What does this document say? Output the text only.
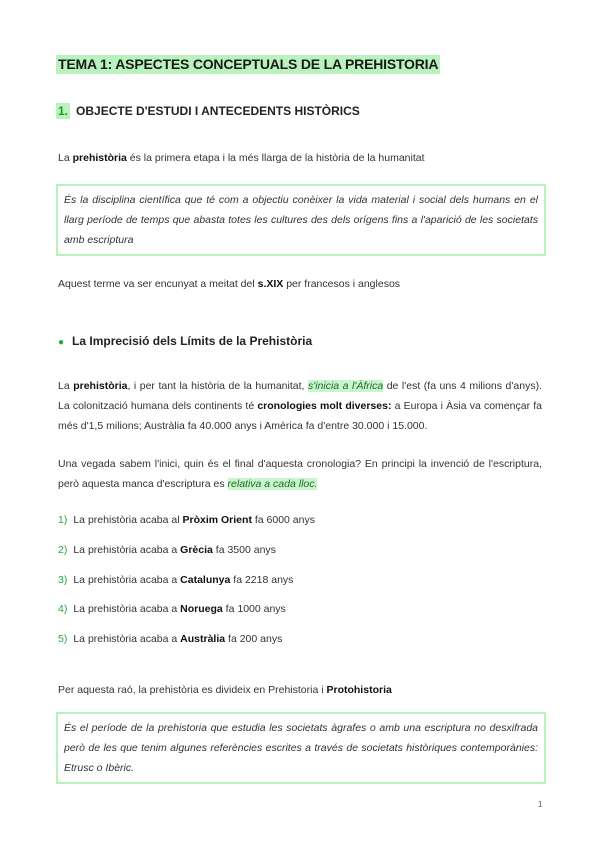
TEMA 1: ASPECTES CONCEPTUALS DE LA PREHISTORIA
1. OBJECTE D'ESTUDI I ANTECEDENTS HISTÒRICS
La prehistòria és la primera etapa i la més llarga de la història de la humanitat
És la disciplina científica que té com a objectiu conèixer la vida material i social dels humans en el llarg període de temps que abasta totes les cultures des dels orígens fins a l'aparició de les societats amb escriptura
Aquest terme va ser encunyat a meitat del s.XIX per francesos i anglesos
● La Imprecisió dels Límits de la Prehistòria
La prehistòria, i per tant la història de la humanitat, s'inicia a l'Àfrica de l'est (fa uns 4 milions d'anys). La colonització humana dels continents té cronologies molt diverses: a Europa i Àsia va començar fa més d'1,5 milions; Austràlia fa 40.000 anys i Amèrica fa d'entre 30.000 i 15.000.
Una vegada sabem l'inici, quin és el final d'aquesta cronologia? En principi la invenció de l'escriptura, però aquesta manca d'escriptura es relativa a cada lloc.
1) La prehistòria acaba al Pròxim Orient fa 6000 anys
2) La prehistòria acaba a Grècia fa 3500 anys
3) La prehistòria acaba a Catalunya fa 2218 anys
4) La prehistòria acaba a Noruega fa 1000 anys
5) La prehistòria acaba a Austràlia fa 200 anys
Per aquesta raó, la prehistòria es divideix en Prehistoria i Protohistoria
És el període de la prehistoria que estudia les societats àgrafes o amb una escriptura no desxifrada però de les que tenim algunes referències escrites a través de societats històriques contemporànies: Etrusc o Ibèric.
1
